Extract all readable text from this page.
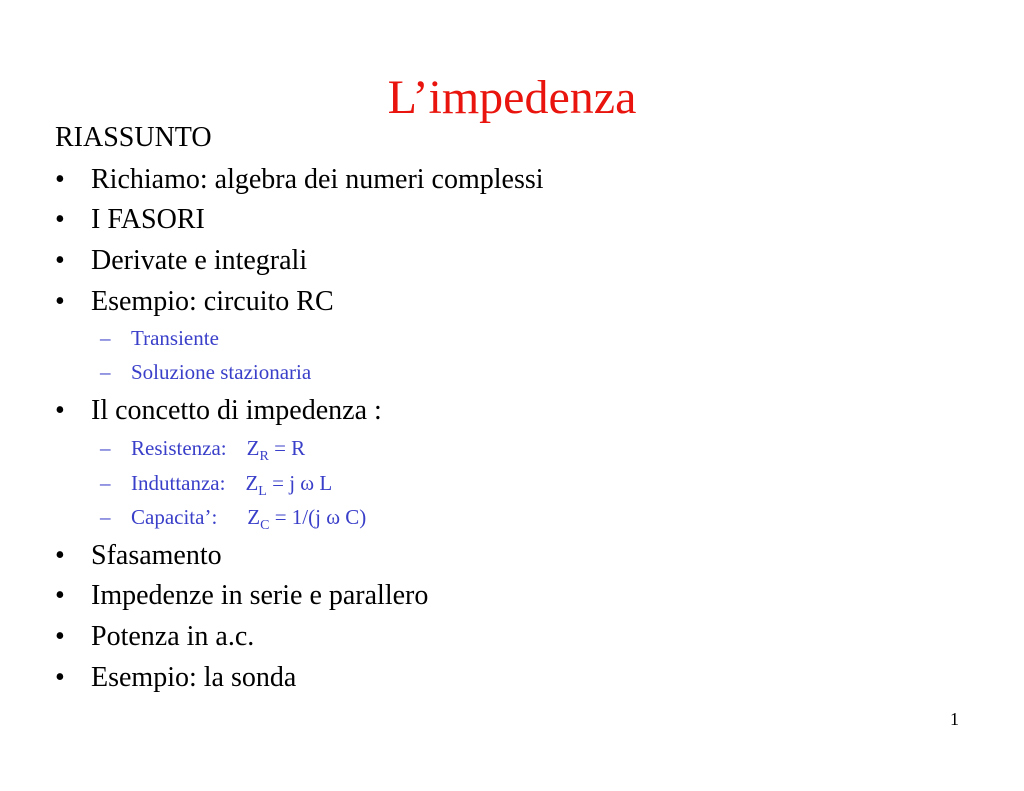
L’impedenza
RIASSUNTO
• Richiamo: algebra dei numeri complessi
• I FASORI
• Derivate e integrali
• Esempio: circuito RC
– Transiente
– Soluzione stazionaria
• Il concetto di impedenza :
– Resistenza: $Z_R = R$
– Induttanza: $Z_L = j$ ω L
– Capacita’: $Z_C = 1/(j$ ω C)
• Sfasamento
• Impedenze in serie e parallero
• Potenza in a.c.
• Esempio: la sonda
1
